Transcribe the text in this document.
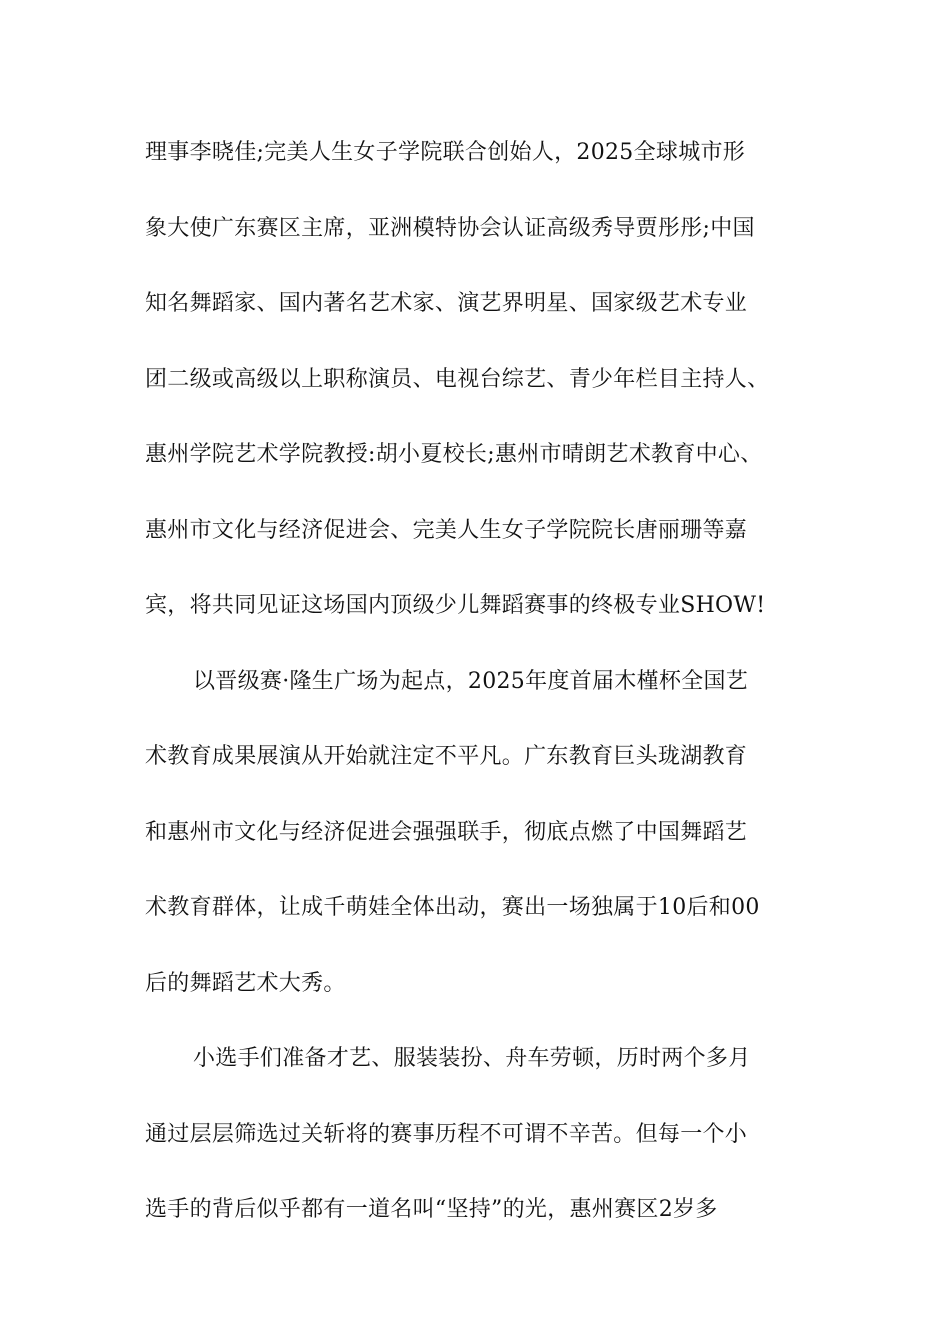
理事李晓佳;完美人生女子学院联合创始人，2025全球城市形
象大使广东赛区主席，亚洲模特协会认证高级秀导贾彤彤;中国
知名舞蹈家、国内著名艺术家、演艺界明星、国家级艺术专业
团二级或高级以上职称演员、电视台综艺、青少年栏目主持人、
惠州学院艺术学院教授:胡小夏校长;惠州市晴朗艺术教育中心、
惠州市文化与经济促进会、完美人生女子学院院长唐丽珊等嘉
宾，将共同见证这场国内顶级少儿舞蹈赛事的终极专业SHOW!
以晋级赛·隆生广场为起点，2025年度首届木槿杯全国艺
术教育成果展演从开始就注定不平凡。广东教育巨头珑湖教育
和惠州市文化与经济促进会强强联手，彻底点燃了中国舞蹈艺
术教育群体，让成千萌娃全体出动，赛出一场独属于10后和00
后的舞蹈艺术大秀。
小选手们准备才艺、服装装扮、舟车劳顿，历时两个多月
通过层层筛选过关斩将的赛事历程不可谓不辛苦。但每一个小
选手的背后似乎都有一道名叫“坚持”的光，惠州赛区2岁多
